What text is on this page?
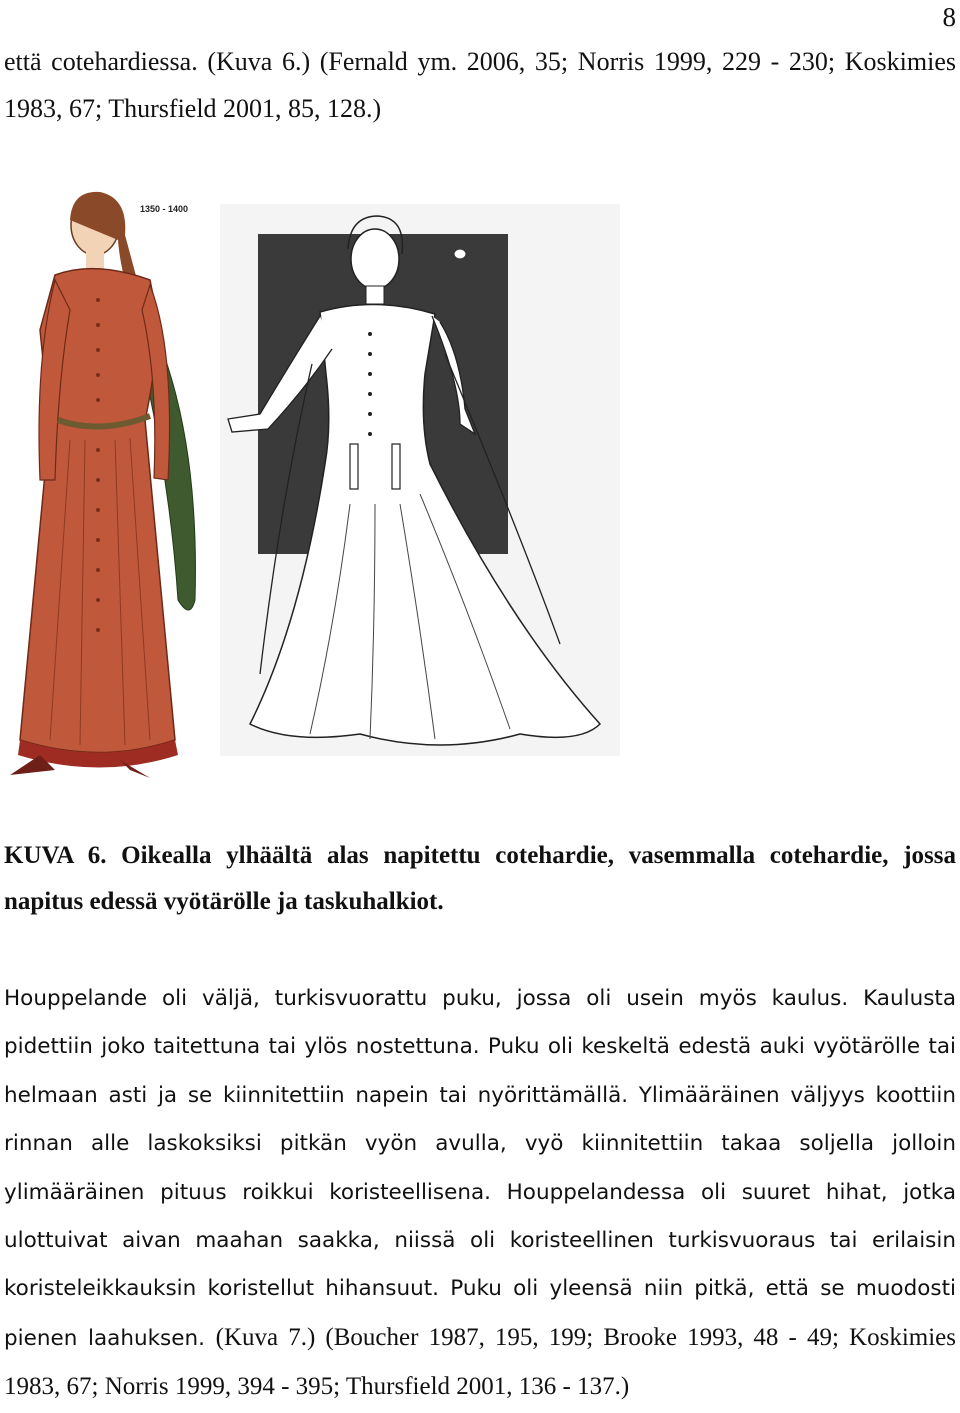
8

että cotehardiessa. (Kuva 6.) (Fernald ym. 2006, 35; Norris 1999, 229 - 230; Koskimies 1983, 67; Thursfield 2001, 85, 128.)

1350 - 1400

KUVA 6. Oikealla ylhäältä alas napitettu cotehardie, vasemmalla cotehardie, jossa napitus edessä vyötärölle ja taskuhalkiot.

Houppelande oli väljä, turkisvuorattu puku, jossa oli usein myös kaulus. Kaulusta pidettiin joko taitettuna tai ylös nostettuna. Puku oli keskeltä edestä auki vyötärölle tai helmaan asti ja se kiinnitettiin napein tai nyörittämällä. Ylimääräinen väljyys koottiin rinnan alle laskoksiksi pitkän vyön avulla, vyö kiinnitettiin takaa soljella jolloin ylimääräinen pituus roikkui koristeellisena. Houppelandessa oli suuret hihat, jotka ulottuivat aivan maahan saakka, niissä oli koristeellinen turkisvuoraus tai erilaisin koristeleikkauksin koristellut hihansuut. Puku oli yleensä niin pitkä, että se muodosti pienen laahuksen. (Kuva 7.) (Boucher 1987, 195, 199; Brooke 1993, 48 - 49; Koskimies 1983, 67; Norris 1999, 394 - 395; Thursfield 2001, 136 - 137.)
